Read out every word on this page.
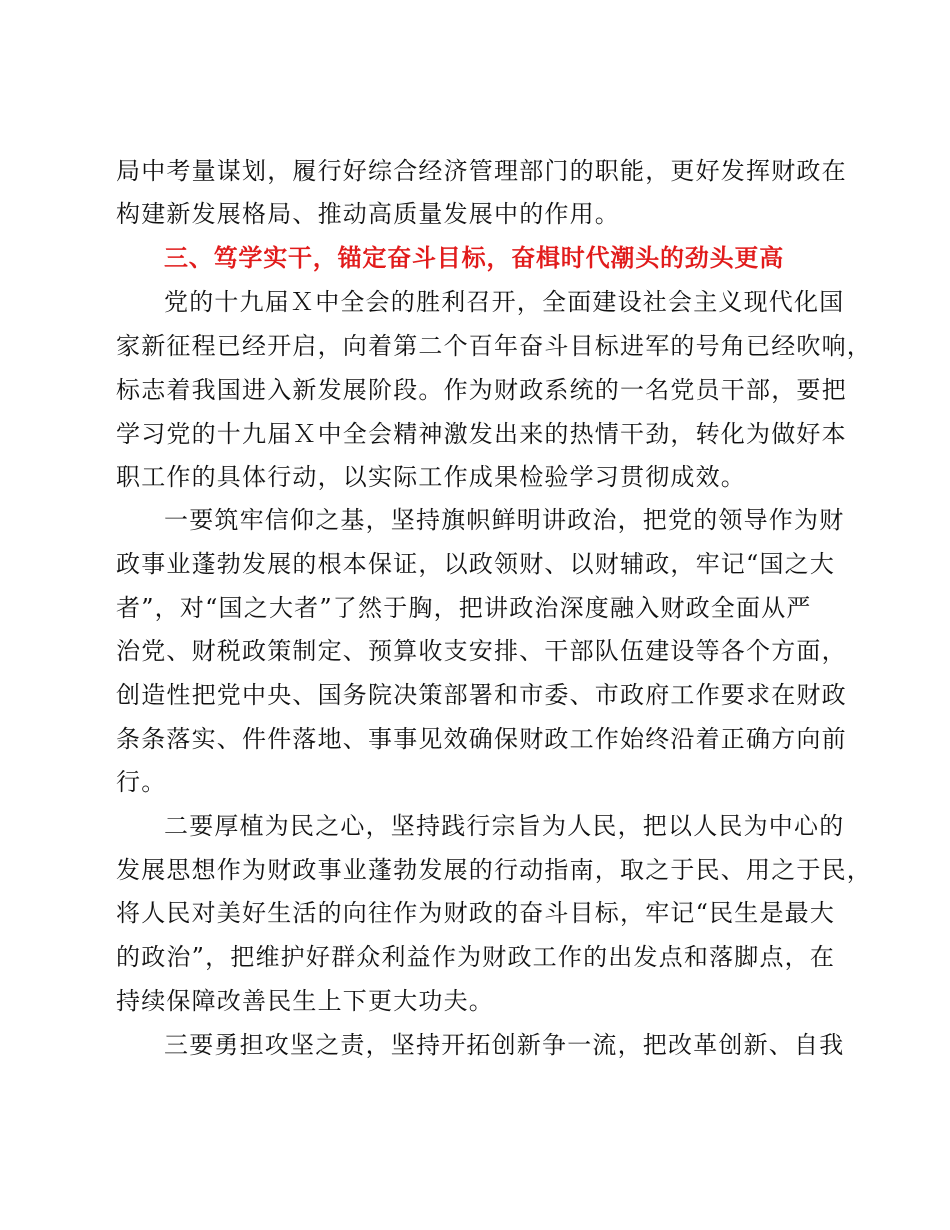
局中考量谋划，履行好综合经济管理部门的职能，更好发挥财政在
构建新发展格局、推动高质量发展中的作用。
三、笃学实干，锚定奋斗目标，奋楫时代潮头的劲头更高
党的十九届Ｘ中全会的胜利召开，全面建设社会主义现代化国
家新征程已经开启，向着第二个百年奋斗目标进军的号角已经吹响，
标志着我国进入新发展阶段。作为财政系统的一名党员干部，要把
学习党的十九届Ｘ中全会精神激发出来的热情干劲，转化为做好本
职工作的具体行动，以实际工作成果检验学习贯彻成效。
一要筑牢信仰之基，坚持旗帜鲜明讲政治，把党的领导作为财
政事业蓬勃发展的根本保证，以政领财、以财辅政，牢记“国之大
者”，对“国之大者”了然于胸，把讲政治深度融入财政全面从严
治党、财税政策制定、预算收支安排、干部队伍建设等各个方面，
创造性把党中央、国务院决策部署和市委、市政府工作要求在财政
条条落实、件件落地、事事见效确保财政工作始终沿着正确方向前
行。
二要厚植为民之心，坚持践行宗旨为人民，把以人民为中心的
发展思想作为财政事业蓬勃发展的行动指南，取之于民、用之于民，
将人民对美好生活的向往作为财政的奋斗目标，牢记“民生是最大
的政治”，把维护好群众利益作为财政工作的出发点和落脚点，在
持续保障改善民生上下更大功夫。
三要勇担攻坚之责，坚持开拓创新争一流，把改革创新、自我
